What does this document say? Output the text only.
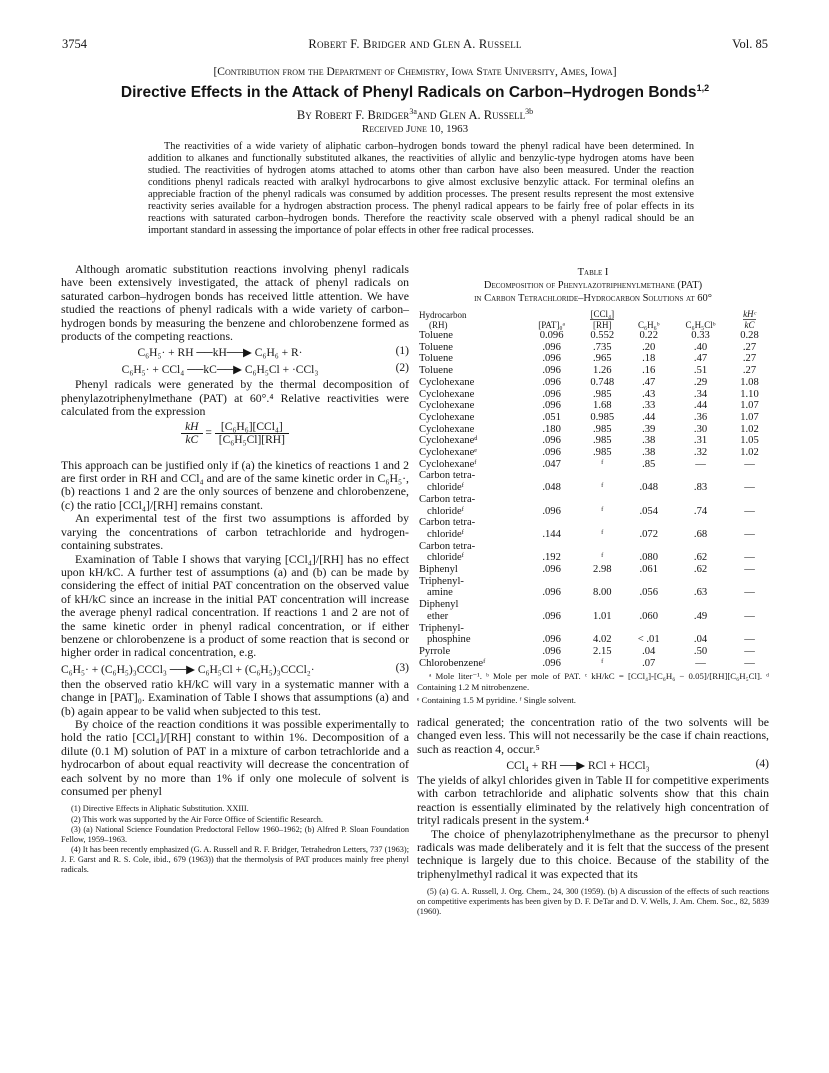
3754	Robert F. Bridger and Glen A. Russell	Vol. 85
[Contribution from the Department of Chemistry, Iowa State University, Ames, Iowa]
Directive Effects in the Attack of Phenyl Radicals on Carbon–Hydrogen Bonds$^{1,2}$
By Robert F. Bridger$^{3a}$and Glen A. Russell$^{3b}$
Received June 10, 1963

The reactivities of a wide variety of aliphatic carbon–hydrogen bonds toward the phenyl radical have been determined. In addition to alkanes and functionally substituted alkanes, the reactivities of allylic and benzylic-type hydrogen atoms have been studied. The reactivities of hydrogen atoms attached to atoms other than carbon have also been measured. Under the reaction conditions phenyl radicals reacted with aralkyl hydrocarbons to give almost exclusive benzylic attack. For terminal olefins an appreciable fraction of the phenyl radicals was consumed by addition processes. The present results represent the most extensive reactivity series available for a hydrogen abstraction process. The phenyl radical appears to be fairly free of polar effects in its reactions with saturated carbon–hydrogen bonds. Therefore the reactivity scale observed with a phenyl radical should be an important standard in assessing the importance of polar effects in other free radical processes.

Although aromatic substitution reactions involving phenyl radicals have been extensively investigated, the attack of phenyl radicals on saturated carbon–hydrogen bonds has received little attention. We have studied the reactions of phenyl radicals with a wide variety of carbon–hydrogen bonds by measuring the benzene and chlorobenzene formed as products of the competing reactions.

C₆H₅· + RH ──kH──▶ C₆H₆ + R·	(1)
C₆H₅· + CCl₄ ──kC──▶ C₆H₅Cl + ·CCl₃	(2)

Phenyl radicals were generated by the thermal decomposition of phenylazotriphenylmethane (PAT) at 60°.⁴ Relative reactivities were calculated from the expression

$\frac{kH}{kC} = \frac{\text{[C₆H₆][CCl₄]}}{\text{[C₆H₅Cl][RH]}}$

This approach can be justified only if (a) the kinetics of reactions 1 and 2 are first order in RH and CCl₄ and are of the same kinetic order in C₆H₅·, (b) reactions 1 and 2 are the only sources of benzene and chlorobenzene, (c) the ratio [CCl₄]/[RH] remains constant.

An experimental test of the first two assumptions is afforded by varying the concentrations of carbon tetrachloride and hydrogen-containing substrates.

Examination of Table I shows that varying [CCl₄]/[RH] has no effect upon kH/kC. A further test of assumptions (a) and (b) can be made by considering the effect of initial PAT concentration on the observed value of kH/kC since an increase in the initial PAT concentration will increase the average phenyl radical concentration. If reactions 1 and 2 are not of the same kinetic order in phenyl radical concentration, or if either benzene or chlorobenzene is a product of some reaction that is second or higher order in radical concentration, e.g.

C₆H₅· + (C₆H₅)₃CCCl₃ ──▶ C₆H₅Cl + (C₆H₅)₃CCCl₂·	(3)

then the observed ratio kH/kC will vary in a systematic manner with a change in [PAT]₀. Examination of Table I shows that assumptions (a) and (b) again appear to be valid when subjected to this test.

By choice of the reaction conditions it was possible experimentally to hold the ratio [CCl₄]/[RH] constant to within 1%. Decomposition of a dilute (0.1 M) solution of PAT in a mixture of carbon tetrachloride and a hydrocarbon of about equal reactivity will decrease the concentration of each solvent by no more than 1% if only one molecule of solvent is consumed per phenyl

(1) Directive Effects in Aliphatic Substitution. XXIII.

(2) This work was supported by the Air Force Office of Scientific Research.

(3) (a) National Science Foundation Predoctoral Fellow 1960–1962; (b) Alfred P. Sloan Foundation Fellow, 1959–1963.

(4) It has been recently emphasized (G. A. Russell and R. F. Bridger, Tetrahedron Letters, 737 (1963); J. F. Garst and R. S. Cole, ibid., 679 (1963)) that the thermolysis of PAT produces mainly free phenyl radicals.

Table I

Decomposition of Phenylazotriphenylmethane (PAT)

in Carbon Tetrachloride–Hydrocarbon Solutions at 60°

Hydrocarbon
(RH)	[PAT]₀ᵃ	[CCl₄]
[RH]	C₆H₆ᵇ	C₆H₅Clᵇ	kHᶜ
kC
Toluene	0.096	0.552	0.22	0.33	0.28
Toluene	.096	.735	.20	.40	.27
Toluene	.096	.965	.18	.47	.27
Toluene	.096	1.26	.16	.51	.27
Cyclohexane	.096	0.748	.47	.29	1.08
Cyclohexane	.096	.985	.43	.34	1.10
Cyclohexane	.096	1.68	.33	.44	1.07
Cyclohexane	.051	0.985	.44	.36	1.07
Cyclohexane	.180	.985	.39	.30	1.02
Cyclohexaneᵈ	.096	.985	.38	.31	1.05
Cyclohexaneᵉ	.096	.985	.38	.32	1.02
Cyclohexaneᶠ	.047	ᶠ	.85	—	—
Carbon tetra-					
chlorideᶠ	.048	ᶠ	.048	.83	—
Carbon tetra-					
chlorideᶠ	.096	ᶠ	.054	.74	—
Carbon tetra-					
chlorideᶠ	.144	ᶠ	.072	.68	—
Carbon tetra-					
chlorideᶠ	.192	ᶠ	.080	.62	—
Biphenyl	.096	2.98	.061	.62	—
Triphenyl-					
amine	.096	8.00	.056	.63	—
Diphenyl					
ether	.096	1.01	.060	.49	—
Triphenyl-					
phosphine	.096	4.02	< .01	.04	—
Pyrrole	.096	2.15	.04	.50	—
Chlorobenzeneᶠ	.096	ᶠ	.07	—	—

ᵃ Mole liter⁻¹. ᵇ Mole per mole of PAT. ᶜ kH/kC = [CCl₄]-[C₆H₆ − 0.05]/[RH][C₆H₅Cl]. ᵈ Containing 1.2 M nitrobenzene.

ᵉ Containing 1.5 M pyridine. ᶠ Single solvent.

radical generated; the concentration ratio of the two solvents will be changed even less. This will not necessarily be the case if chain reactions, such as reaction 4, occur.⁵

CCl₄ + RH ──▶ RCl + HCCl₃	(4)

The yields of alkyl chlorides given in Table II for competitive experiments with carbon tetrachloride and aliphatic solvents show that this chain reaction is essentially eliminated by the relatively high concentration of trityl radicals present in the system.⁴

The choice of phenylazotriphenylmethane as the precursor to phenyl radicals was made deliberately and it is felt that the success of the present technique is largely due to this choice. Because of the stability of the triphenylmethyl radical it was expected that its

(5) (a) G. A. Russell, J. Org. Chem., 24, 300 (1959). (b) A discussion of the effects of such reactions on competitive experiments has been given by D. F. DeTar and D. V. Wells, J. Am. Chem. Soc., 82, 5839 (1960).
